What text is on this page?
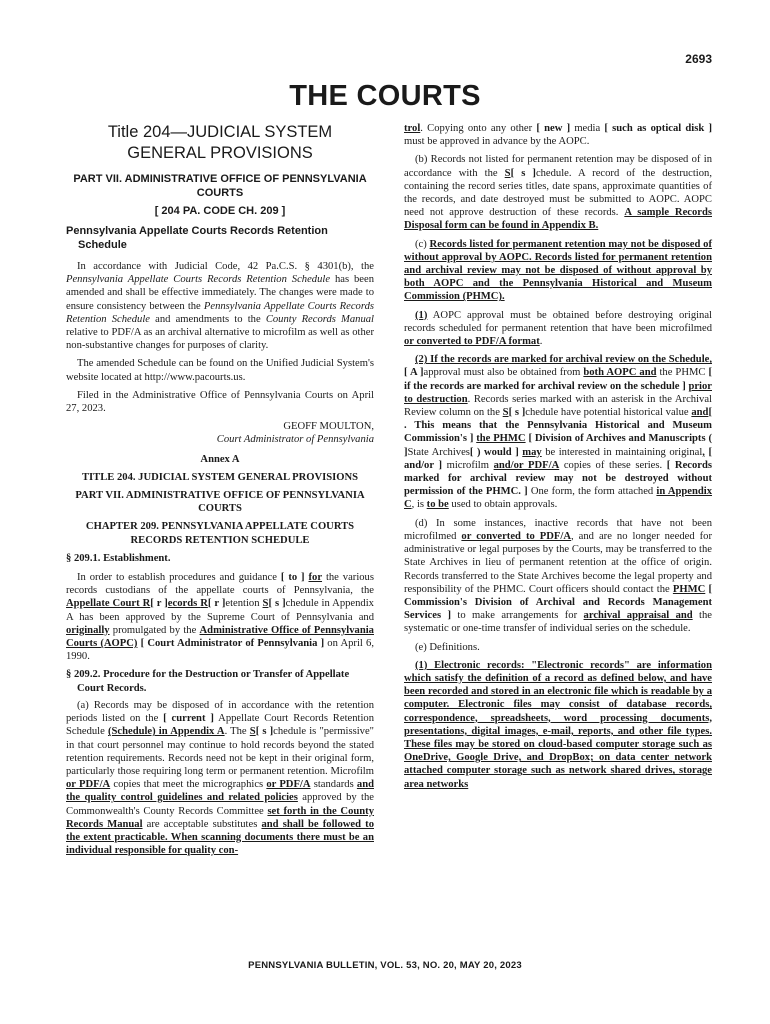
2693
THE COURTS
Title 204—JUDICIAL SYSTEM
GENERAL PROVISIONS
PART VII. ADMINISTRATIVE OFFICE OF PENNSYLVANIA COURTS
[ 204 PA. CODE CH. 209 ]
Pennsylvania Appellate Courts Records Retention Schedule

In accordance with Judicial Code, 42 Pa.C.S. § 4301(b), the Pennsylvania Appellate Courts Records Retention Schedule has been amended and shall be effective immediately. The changes were made to ensure consistency between the Pennsylvania Appellate Courts Records Retention Schedule and amendments to the County Records Manual relative to PDF/A as an archival alternative to microfilm as well as other non-substantive changes for purposes of clarity.

The amended Schedule can be found on the Unified Judicial System's website located at http://www.pacourts.us.

Filed in the Administrative Office of Pennsylvania Courts on April 27, 2023.

GEOFF MOULTON,

Court Administrator of Pennsylvania

Annex A
TITLE 204. JUDICIAL SYSTEM GENERAL PROVISIONS
PART VII. ADMINISTRATIVE OFFICE OF PENNSYLVANIA COURTS
CHAPTER 209. PENNSYLVANIA APPELLATE COURTS RECORDS RETENTION SCHEDULE
§ 209.1. Establishment.

In order to establish procedures and guidance [ to ] for the various records custodians of the appellate courts of Pennsylvania, the Appellate Court R[ r ]ecords R[ r ]etention S[ s ]chedule in Appendix A has been approved by the Supreme Court of Pennsylvania and originally promulgated by the Administrative Office of Pennsylvania Courts (AOPC) [ Court Administrator of Pennsylvania ] on April 6, 1990.

§ 209.2. Procedure for the Destruction or Transfer of Appellate Court Records.

(a) Records may be disposed of in accordance with the retention periods listed on the [ current ] Appellate Court Records Retention Schedule (Schedule) in Appendix A. The S[ s ]chedule is "permissive" in that court personnel may continue to hold records beyond the stated retention requirements. Records need not be kept in their original form, particularly those requiring long term or permanent retention. Microfilm or PDF/A copies that meet the micrographics or PDF/A standards and the quality control guidelines and related policies approved by the Commonwealth's County Records Committee set forth in the County Records Manual are acceptable substitutes and shall be followed to the extent practicable. When scanning documents there must be an individual responsible for quality con-

trol. Copying onto any other [ new ] media [ such as optical disk ] must be approved in advance by the AOPC.

(b) Records not listed for permanent retention may be disposed of in accordance with the S[ s ]chedule. A record of the destruction, containing the record series titles, date spans, approximate quantities of the records, and date destroyed must be submitted to AOPC. AOPC need not approve destruction of these records. A sample Records Disposal form can be found in Appendix B.

(c) Records listed for permanent retention may not be disposed of without approval by AOPC. Records listed for permanent retention and archival review may not be disposed of without approval by both AOPC and the Pennsylvania Historical and Museum Commission (PHMC).

(1) AOPC approval must be obtained before destroying original records scheduled for permanent retention that have been microfilmed or converted to PDF/A format.

(2) If the records are marked for archival review on the Schedule, [ A ]approval must also be obtained from both AOPC and the PHMC [ if the records are marked for archival review on the schedule ] prior to destruction. Records series marked with an asterisk in the Archival Review column on the S[ s ]chedule have potential historical value and[ . This means that the Pennsylvania Historical and Museum Commission's ] the PHMC [ Division of Archives and Manuscripts ( ]State Archives[ ) would ] may be interested in maintaining original, [ and/or ] microfilm and/or PDF/A copies of these series. [ Records marked for archival review may not be destroyed without permission of the PHMC. ] One form, the form attached in Appendix C, is to be used to obtain approvals.

(d) In some instances, inactive records that have not been microfilmed or converted to PDF/A, and are no longer needed for administrative or legal purposes by the Courts, may be transferred to the State Archives in lieu of permanent retention at the office of origin. Records transferred to the State Archives become the legal property and responsibility of the PHMC. Court officers should contact the PHMC [ Commission's Division of Archival and Records Management Services ] to make arrangements for archival appraisal and the systematic or one-time transfer of individual series on the schedule.

(e) Definitions.

(1) Electronic records: "Electronic records" are information which satisfy the definition of a record as defined below, and have been recorded and stored in an electronic file which is readable by a computer. Electronic files may consist of database records, correspondence, spreadsheets, word processing documents, presentations, digital images, e-mail, reports, and other file types. These files may be stored on cloud-based computer storage such as OneDrive, Google Drive, and DropBox; on data center network attached computer storage such as network shared drives, storage area networks

PENNSYLVANIA BULLETIN, VOL. 53, NO. 20, MAY 20, 2023
